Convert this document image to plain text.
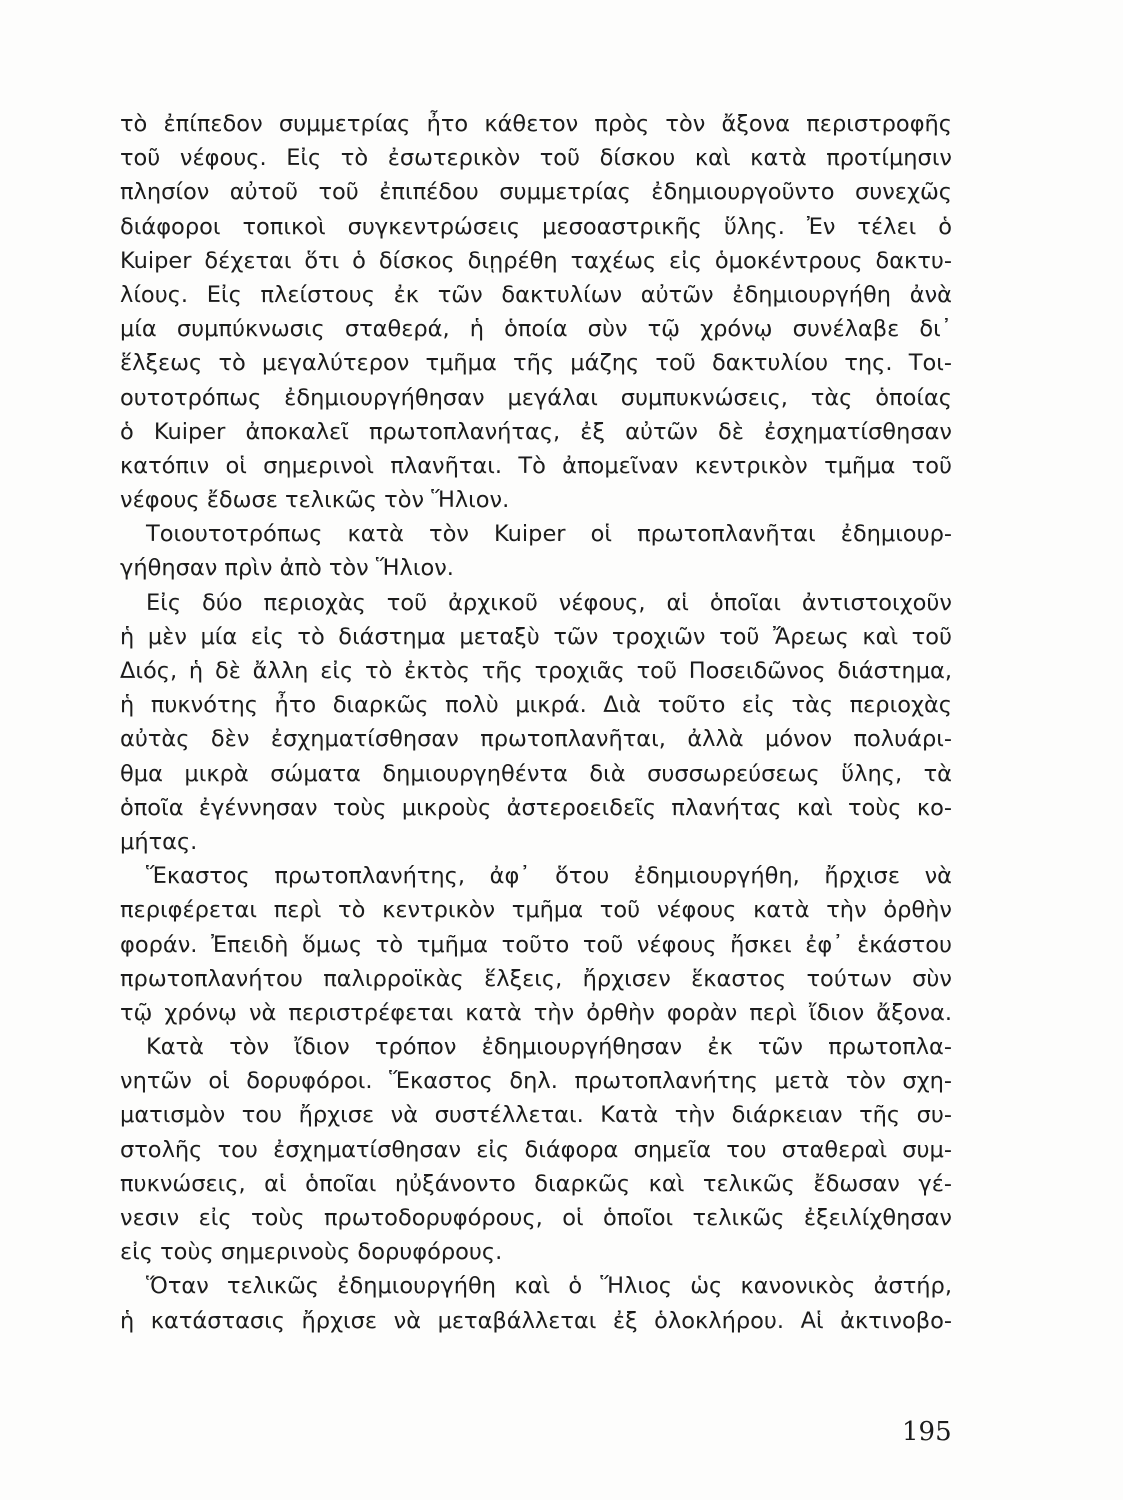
τὸ ἐπίπεδον συμμετρίας ἦτο κάθετον πρὸς τὸν ἄξονα περιστροφῆς
τοῦ νέφους. Εἰς τὸ ἐσωτερικὸν τοῦ δίσκου καὶ κατὰ προτίμησιν
πλησίον αὐτοῦ τοῦ ἐπιπέδου συμμετρίας ἐδημιουργοῦντο συνεχῶς
διάφοροι τοπικοὶ συγκεντρώσεις μεσοαστρικῆς ὕλης. Ἐν τέλει ὁ
Kuiper δέχεται ὅτι ὁ δίσκος διῃρέθη ταχέως εἰς ὁμοκέντρους δακτυ-
λίους. Εἰς πλείστους ἐκ τῶν δακτυλίων αὐτῶν ἐδημιουργήθη ἀνὰ
μία συμπύκνωσις σταθερά, ἡ ὁποία σὺν τῷ χρόνῳ συνέλαβε δι᾽
ἕλξεως τὸ μεγαλύτερον τμῆμα τῆς μάζης τοῦ δακτυλίου της. Τοι-
ουτοτρόπως ἐδημιουργήθησαν μεγάλαι συμπυκνώσεις, τὰς ὁποίας
ὁ Kuiper ἀποκαλεῖ πρωτοπλανήτας, ἐξ αὐτῶν δὲ ἐσχηματίσθησαν
κατόπιν οἱ σημερινοὶ πλανῆται. Τὸ ἀπομεῖναν κεντρικὸν τμῆμα τοῦ
νέφους ἔδωσε τελικῶς τὸν Ἥλιον.
Τοιουτοτρόπως κατὰ τὸν Kuiper οἱ πρωτοπλανῆται ἐδημιουρ-
γήθησαν πρὶν ἀπὸ τὸν Ἥλιον.
Εἰς δύο περιοχὰς τοῦ ἀρχικοῦ νέφους, αἱ ὁποῖαι ἀντιστοιχοῦν
ἡ μὲν μία εἰς τὸ διάστημα μεταξὺ τῶν τροχιῶν τοῦ Ἄρεως καὶ τοῦ
Διός, ἡ δὲ ἄλλη εἰς τὸ ἐκτὸς τῆς τροχιᾶς τοῦ Ποσειδῶνος διάστημα,
ἡ πυκνότης ἦτο διαρκῶς πολὺ μικρά. Διὰ τοῦτο εἰς τὰς περιοχὰς
αὐτὰς δὲν ἐσχηματίσθησαν πρωτοπλανῆται, ἀλλὰ μόνον πολυάρι-
θμα μικρὰ σώματα δημιουργηθέντα διὰ συσσωρεύσεως ὕλης, τὰ
ὁποῖα ἐγέννησαν τοὺς μικροὺς ἀστεροειδεῖς πλανήτας καὶ τοὺς κο-
μήτας.
Ἕκαστος πρωτοπλανήτης, ἀφ᾽ ὅτου ἐδημιουργήθη, ἤρχισε νὰ
περιφέρεται περὶ τὸ κεντρικὸν τμῆμα τοῦ νέφους κατὰ τὴν ὀρθὴν
φοράν. Ἐπειδὴ ὅμως τὸ τμῆμα τοῦτο τοῦ νέφους ἤσκει ἐφ᾽ ἑκάστου
πρωτοπλανήτου παλιρροϊκὰς ἕλξεις, ἤρχισεν ἕκαστος τούτων σὺν
τῷ χρόνῳ νὰ περιστρέφεται κατὰ τὴν ὀρθὴν φορὰν περὶ ἴδιον ἄξονα.
Κατὰ τὸν ἴδιον τρόπον ἐδημιουργήθησαν ἐκ τῶν πρωτοπλα-
νητῶν οἱ δορυφόροι. Ἕκαστος δηλ. πρωτοπλανήτης μετὰ τὸν σχη-
ματισμὸν του ἤρχισε νὰ συστέλλεται. Κατὰ τὴν διάρκειαν τῆς συ-
στολῆς του ἐσχηματίσθησαν εἰς διάφορα σημεῖα του σταθεραὶ συμ-
πυκνώσεις, αἱ ὁποῖαι ηὐξάνοντο διαρκῶς καὶ τελικῶς ἔδωσαν γέ-
νεσιν εἰς τοὺς πρωτοδορυφόρους, οἱ ὁποῖοι τελικῶς ἐξειλίχθησαν
εἰς τοὺς σημερινοὺς δορυφόρους.
Ὅταν τελικῶς ἐδημιουργήθη καὶ ὁ Ἥλιος ὡς κανονικὸς ἀστήρ,
ἡ κατάστασις ἤρχισε νὰ μεταβάλλεται ἐξ ὁλοκλήρου. Αἱ ἀκτινοβο-
195
